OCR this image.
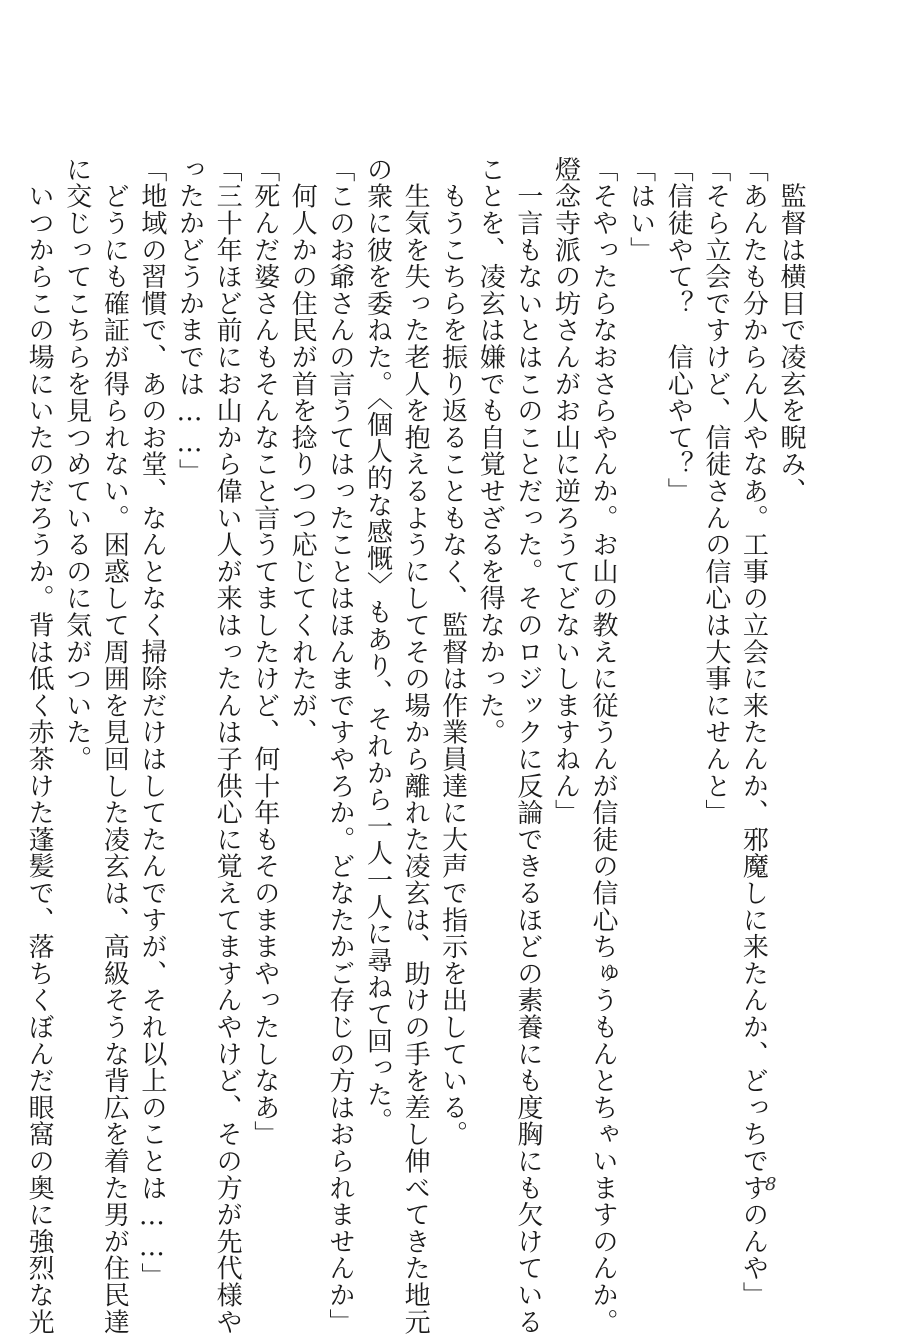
　監督は横目で凌玄を睨み、
「あんたも分からん人やなあ。工事の立会に来たんか、邪魔しに来たんか、どっちですのんや」
「そら立会ですけど、信徒さんの信心は大事にせんと」
「信徒やて？　信心やて？」
「はい」
「そやったらなおさらやんか。お山の教えに従うんが信徒の信心ちゅうもんとちゃいますのんか。
燈念寺派の坊さんがお山に逆ろうてどないしますねん」
　一言もないとはこのことだった。そのロジックに反論できるほどの素養にも度胸にも欠けている
ことを、凌玄は嫌でも自覚せざるを得なかった。
　もうこちらを振り返ることもなく、監督は作業員達に大声で指示を出している。
　生気を失った老人を抱えるようにしてその場から離れた凌玄は、助けの手を差し伸べてきた地元
の衆に彼を委ねた。〈個人的な感慨〉もあり、それから一人一人に尋ねて回った。
「このお爺さんの言うてはったことはほんまですやろか。どなたかご存じの方はおられませんか」
　何人かの住民が首を捻りつつ応じてくれたが、
「死んだ婆さんもそんなこと言うてましたけど、何十年もそのままやったしなあ」
「三十年ほど前にお山から偉い人が来はったんは子供心に覚えてますんやけど、その方が先代様や
ったかどうかまでは……」
「地域の習慣で、あのお堂、なんとなく掃除だけはしてたんですが、それ以上のことは……」
　どうにも確証が得られない。困惑して周囲を見回した凌玄は、高級そうな背広を着た男が住民達
に交じってこちらを見つめているのに気がついた。
　いつからこの場にいたのだろうか。背は低く赤茶けた蓬髪で、落ちくぼんだ眼窩の奥に強烈な光	8
